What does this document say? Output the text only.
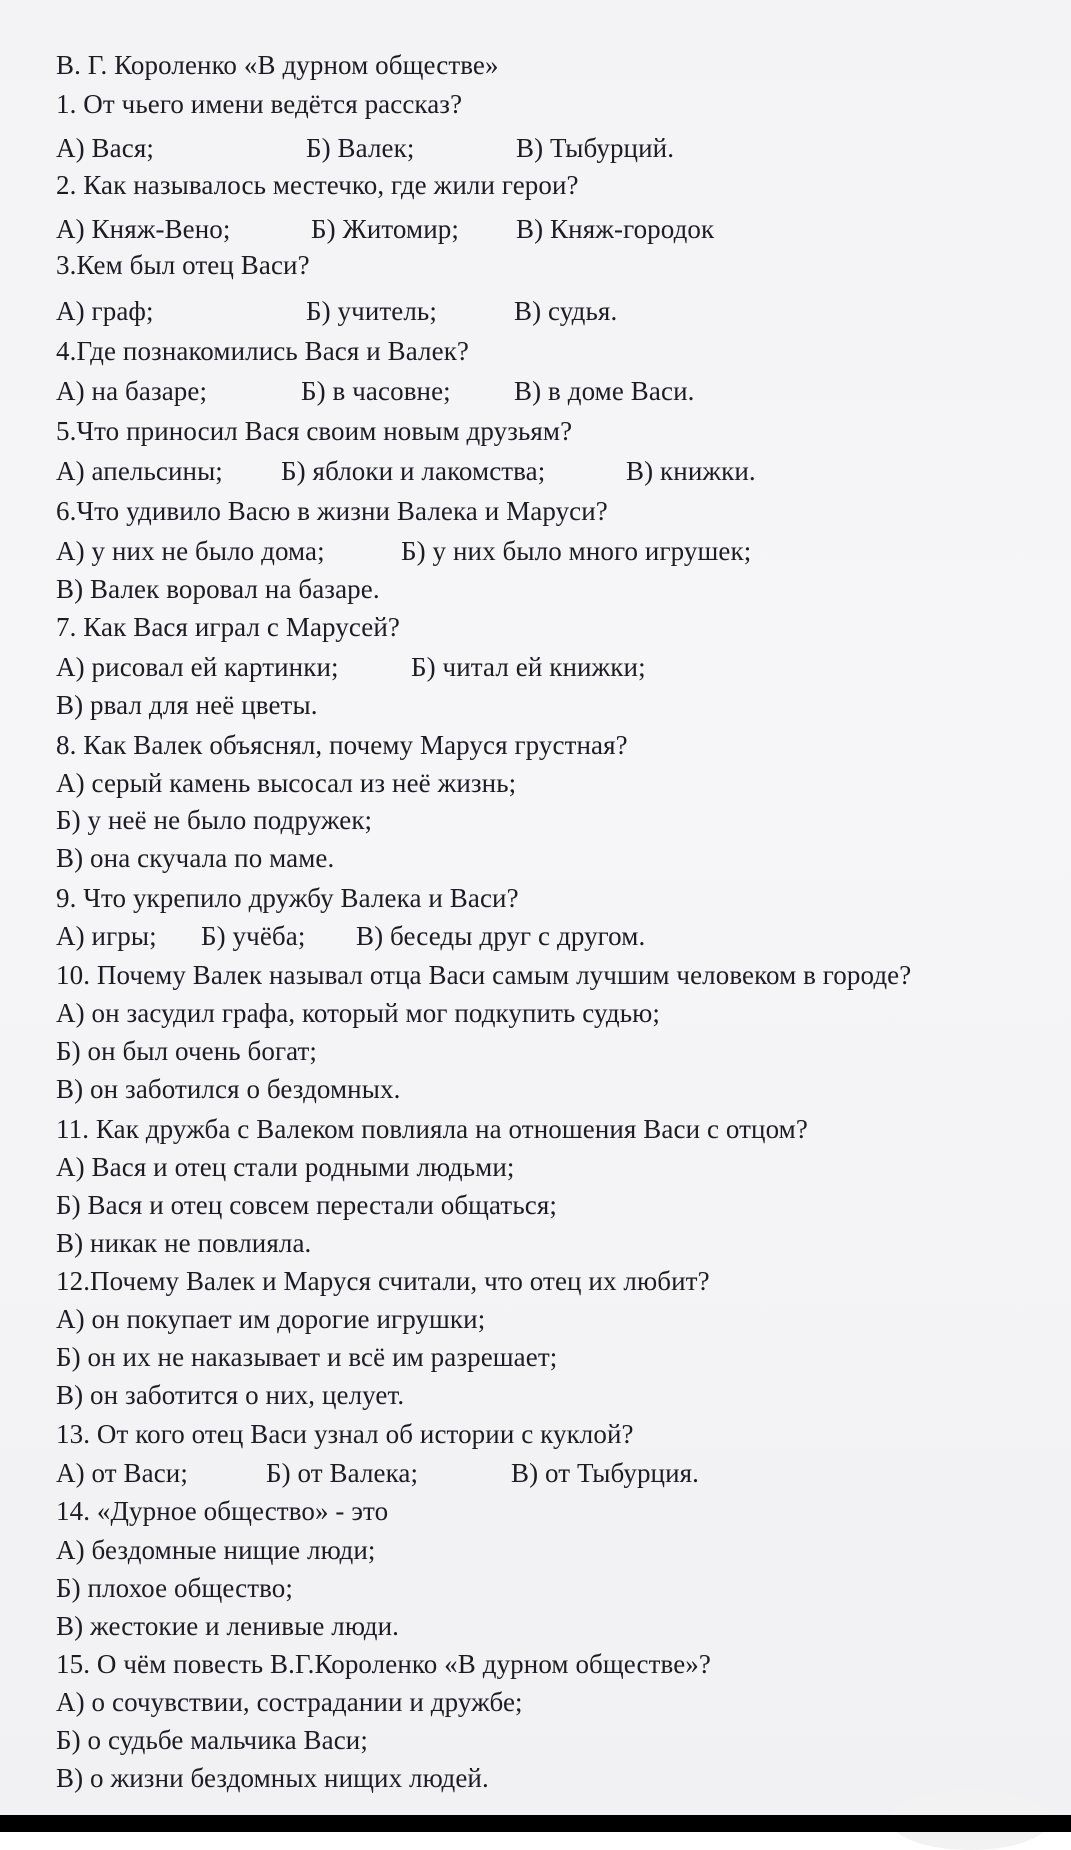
В. Г. Короленко «В дурном обществе»
1. От чьего имени ведётся рассказ?
А) Вася;	Б) Валек;	В) Тыбурций.
2. Как называлось местечко, где жили герои?
А) Княж-Вено;	Б) Житомир; В) Княж-городок
3.Кем был отец Васи?
А) граф;	Б) учитель;	В) судья.
4.Где познакомились Вася и Валек?
А) на базаре;	Б) в часовне; В) в доме Васи.
5.Что приносил Вася своим новым друзьям?
А) апельсины; Б) яблоки и лакомства;	В) книжки.
6.Что удивило Васю в жизни Валека и Маруси?
А) у них не было дома;	Б) у них было много игрушек;
В) Валек воровал на базаре.
7. Как Вася играл с Марусей?
А) рисовал ей картинки;	Б) читал ей книжки;
В) рвал для неё цветы.
8. Как Валек объяснял, почему Маруся грустная?
А) серый камень высосал из неё жизнь;
Б) у неё не было подружек;
В) она скучала по маме.
9. Что укрепило дружбу Валека и Васи?
А) игры; Б) учёба; В) беседы друг с другом.
10. Почему Валек называл отца Васи самым лучшим человеком в городе?
А) он засудил графа, который мог подкупить судью;
Б) он был очень богат;
В) он заботился о бездомных.
11. Как дружба с Валеком повлияла на отношения Васи с отцом?
А) Вася и отец стали родными людьми;
Б) Вася и отец совсем перестали общаться;
В) никак не повлияла.
12.Почему Валек и Маруся считали, что отец их любит?
А) он покупает им дорогие игрушки;
Б) он их не наказывает и всё им разрешает;
В) он заботится о них, целует.
13. От кого отец Васи узнал об истории с куклой?
А) от Васи;	Б) от Валека;	В) от Тыбурция.
14. «Дурное общество» - это
А) бездомные нищие люди;
Б) плохое общество;
В) жестокие и ленивые люди.
15. О чём повесть В.Г.Короленко «В дурном обществе»?
А) о сочувствии, сострадании и дружбе;
Б) о судьбе мальчика Васи;
В) о жизни бездомных нищих людей.
